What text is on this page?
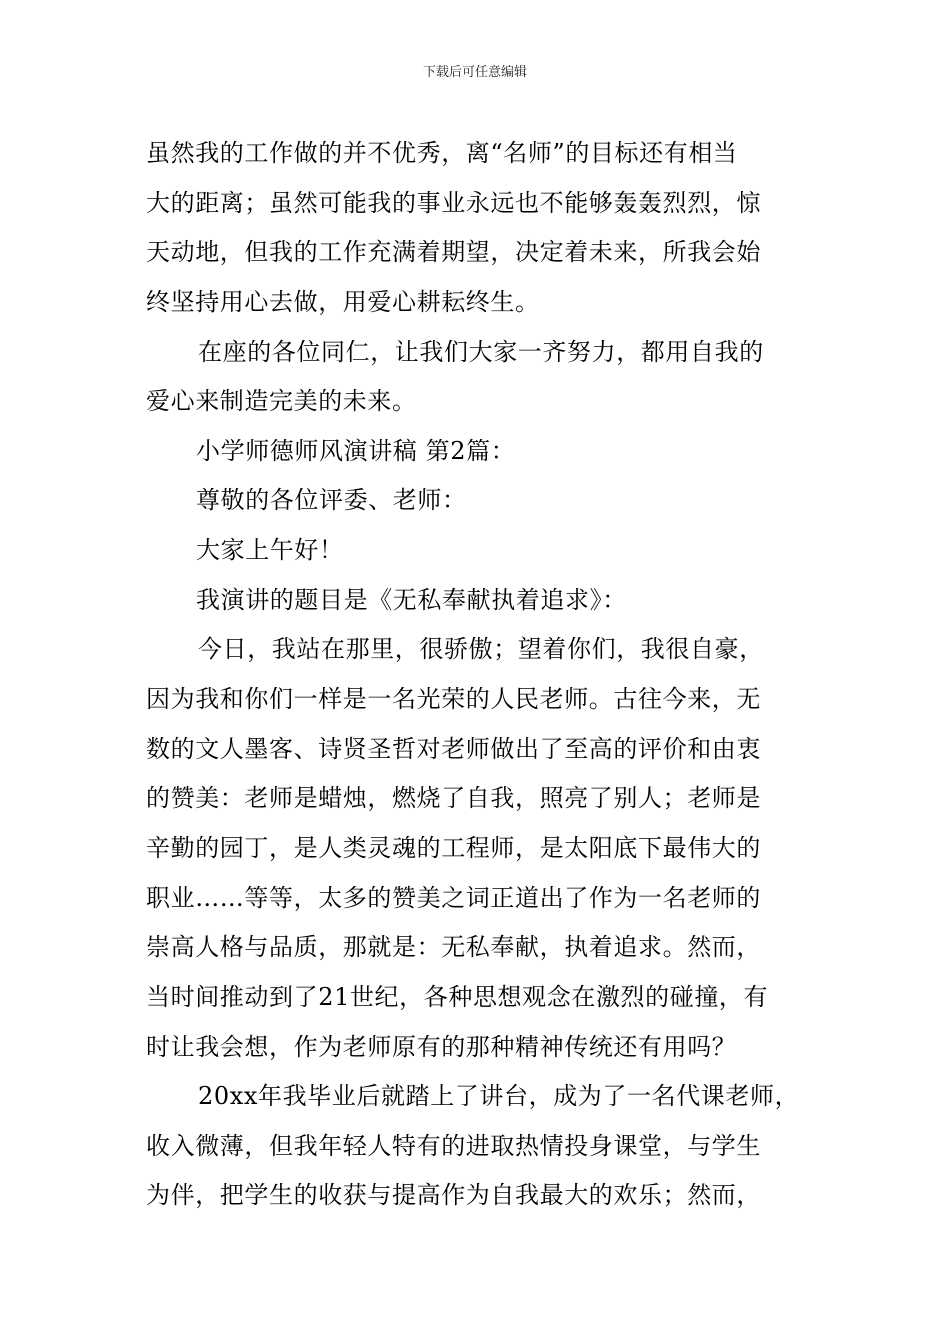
下载后可任意编辑
虽然我的工作做的并不优秀，离“名师”的目标还有相当
大的距离；虽然可能我的事业永远也不能够轰轰烈烈，惊
天动地，但我的工作充满着期望，决定着未来，所我会始
终坚持用心去做，用爱心耕耘终生。
在座的各位同仁，让我们大家一齐努力，都用自我的
爱心来制造完美的未来。
小学师德师风演讲稿 第2篇：
尊敬的各位评委、老师：
大家上午好！
我演讲的题目是《无私奉献执着追求》：
今日，我站在那里，很骄傲；望着你们，我很自豪，
因为我和你们一样是一名光荣的人民老师。古往今来，无
数的文人墨客、诗贤圣哲对老师做出了至高的评价和由衷
的赞美：老师是蜡烛，燃烧了自我，照亮了别人；老师是
辛勤的园丁，是人类灵魂的工程师，是太阳底下最伟大的
职业……等等，太多的赞美之词正道出了作为一名老师的
崇高人格与品质，那就是：无私奉献，执着追求。然而，
当时间推动到了21世纪，各种思想观念在激烈的碰撞，有
时让我会想，作为老师原有的那种精神传统还有用吗？
20xx年我毕业后就踏上了讲台，成为了一名代课老师，
收入微薄，但我年轻人特有的进取热情投身课堂，与学生
为伴，把学生的收获与提高作为自我最大的欢乐；然而，
